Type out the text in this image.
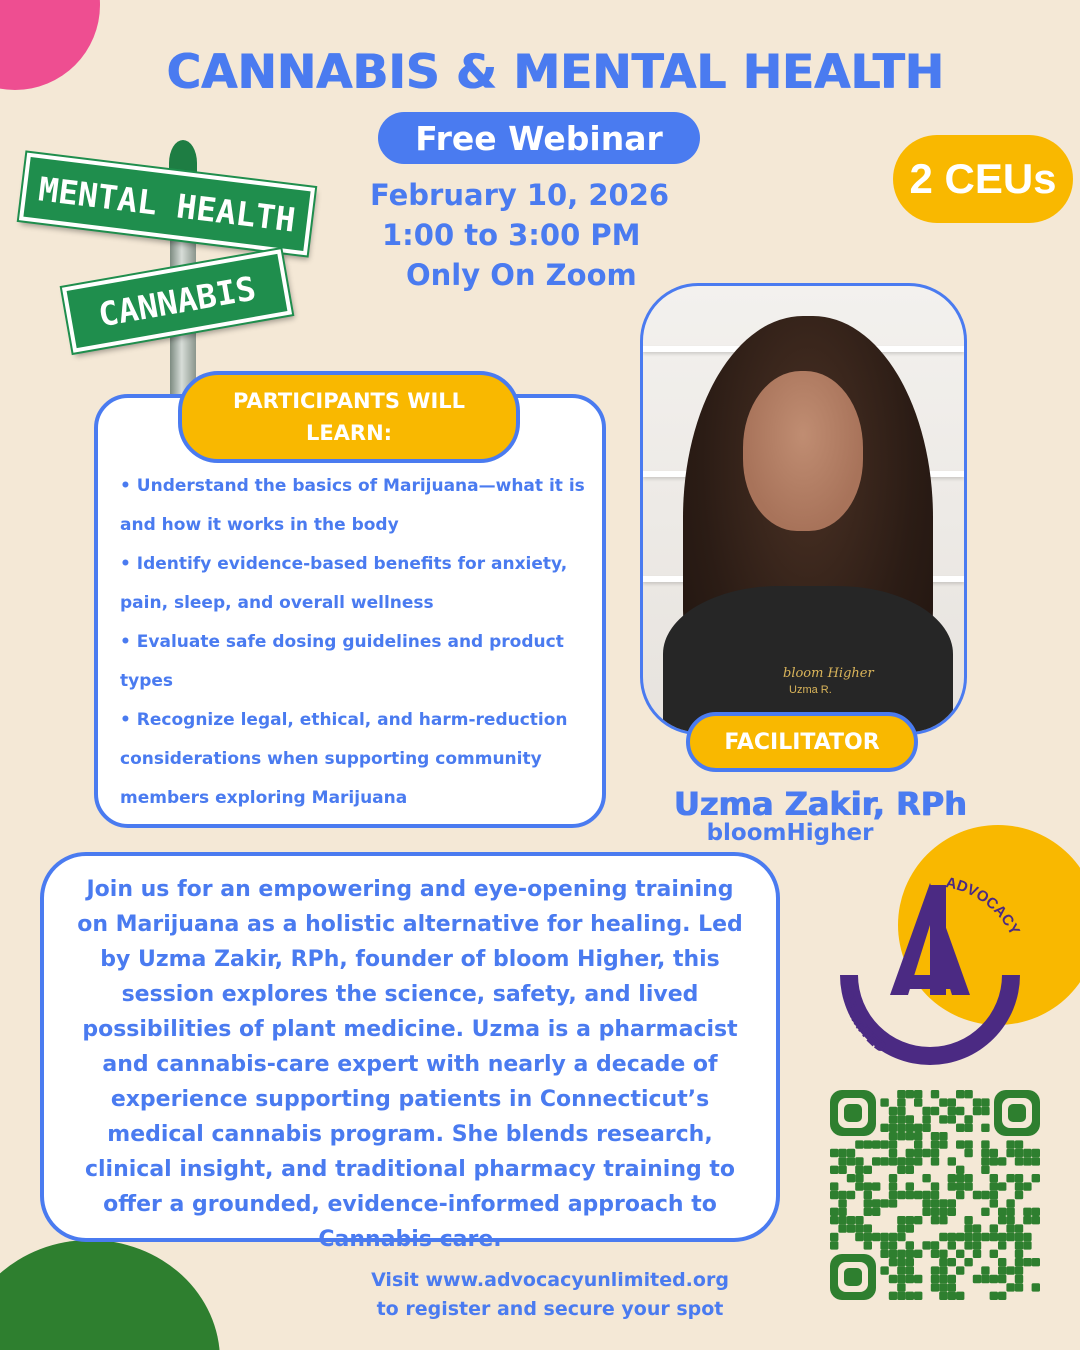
CANNABIS & MENTAL HEALTH
Free Webinar
February 10, 2026
1:00 to 3:00 PM
Only On Zoom
2 CEUs
MENTAL HEALTH
CANNABIS
PARTICIPANTS WILL LEARN:
• Understand the basics of Marijuana—what it is and how it works in the body
• Identify evidence-based benefits for anxiety, pain, sleep, and overall wellness
• Evaluate safe dosing guidelines and product types
• Recognize legal, ethical, and harm-reduction considerations when supporting community members exploring Marijuana
bloom Higher
Uzma R.
FACILITATOR
Uzma Zakir, RPh
bloomHigher

Join us for an empowering and eye-opening training on Marijuana as a holistic alternative for healing. Led by Uzma Zakir, RPh, founder of bloom Higher, this session explores the science, safety, and lived possibilities of plant medicine. Uzma is a pharmacist and cannabis-care expert with nearly a decade of experience supporting patients in Connecticut’s medical cannabis program. She blends research, clinical insight, and traditional pharmacy training to offer a grounded, evidence-informed approach to Cannabis care.

ADVOCACY
UNLIMITED
Visit www.advocacyunlimited.org
to register and secure your spot
